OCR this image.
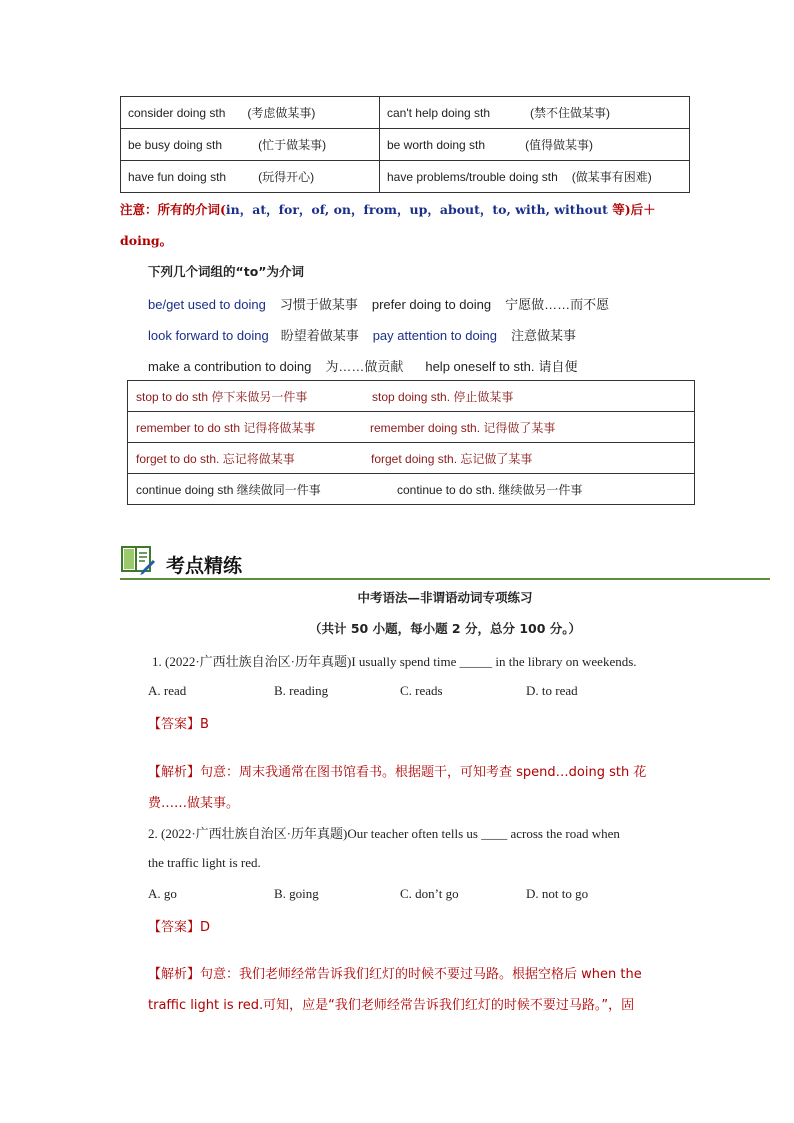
consider doing sth (考虑做某事)	can't help doing sth (禁不住做某事)
be busy doing sth (忙于做某事)	be worth doing sth (值得做某事)
have fun doing sth (玩得开心)	have problems/trouble doing sth (做某事有困难)
注意：所有的介词(in，at，for，of, on，from，up，about，to, with, without 等)后＋
doing。
下列几个词组的“to”为介词
be/get used to doing 习惯于做某事 prefer doing to doing 宁愿做……而不愿
look forward to doing 盼望着做某事 pay attention to doing 注意做某事
make a contribution to doing 为……做贡献 help oneself to sth. 请自便
stop to do sth 停下来做另一件事	stop doing sth. 停止做某事
remember to do sth 记得将做某事	remember doing sth. 记得做了某事
forget to do sth. 忘记将做某事	forget doing sth. 忘记做了某事
continue doing sth 继续做同一件事	continue to do sth. 继续做另一件事
考点精练
中考语法—非谓语动词专项练习
（共计 50 小题，每小题 2 分，总分 100 分。）
1. (2022·广西壮族自治区·历年真题)I usually spend time _____ in the library on weekends.
A. read	B. reading	C. reads	D. to read
【答案】B
【解析】句意：周末我通常在图书馆看书。根据题干，可知考查 spend…doing sth 花
费……做某事。
2. (2022·广西壮族自治区·历年真题)Our teacher often tells us ____ across the road when
the traffic light is red.
A. go	B. going	C. don’t go	D. not to go
【答案】D
【解析】句意：我们老师经常告诉我们红灯的时候不要过马路。根据空格后 when the
traffic light is red.可知，应是“我们老师经常告诉我们红灯的时候不要过马路。”，固
